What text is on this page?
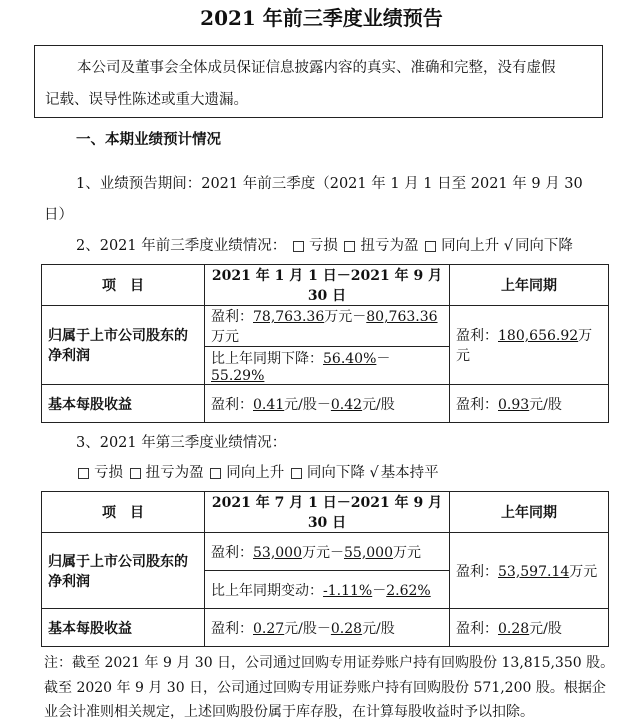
2021 年前三季度业绩预告
本公司及董事会全体成员保证信息披露内容的真实、准确和完整，没有虚假
记载、误导性陈述或重大遗漏。
一、本期业绩预计情况
1、业绩预告期间：2021 年前三季度（2021 年 1 月 1 日至 2021 年 9 月 30
日）
2、2021 年前三季度业绩情况： 亏损 扭亏为盈 同向上升 √ 同向下降
项　目	2021 年 1 月 1 日－2021 年 9 月 30 日	上年同期

归属于上市公司股东的
净利润	盈利：78,763.36万元－80,763.36万元	盈利：180,656.92万元
	比上年同期下降：56.40%－55.29%	
基本每股收益	盈利：0.41元/股－0.42元/股	盈利：0.93元/股
3、2021 年第三季度业绩情况：
亏损 扭亏为盈 同向上升 同向下降 √ 基本持平
项　目	2021 年 7 月 1 日－2021 年 9 月 30 日	上年同期

归属于上市公司股东的
净利润	盈利：53,000万元－55,000万元	盈利：53,597.14万元
	比上年同期变动：-1.11%－2.62%	
基本每股收益	盈利：0.27元/股－0.28元/股	盈利：0.28元/股
注：截至 2021 年 9 月 30 日，公司通过回购专用证券账户持有回购股份 13,815,350 股。
截至 2020 年 9 月 30 日，公司通过回购专用证券账户持有回购股份 571,200 股。根据企
业会计准则相关规定，上述回购股份属于库存股，在计算每股收益时予以扣除。
